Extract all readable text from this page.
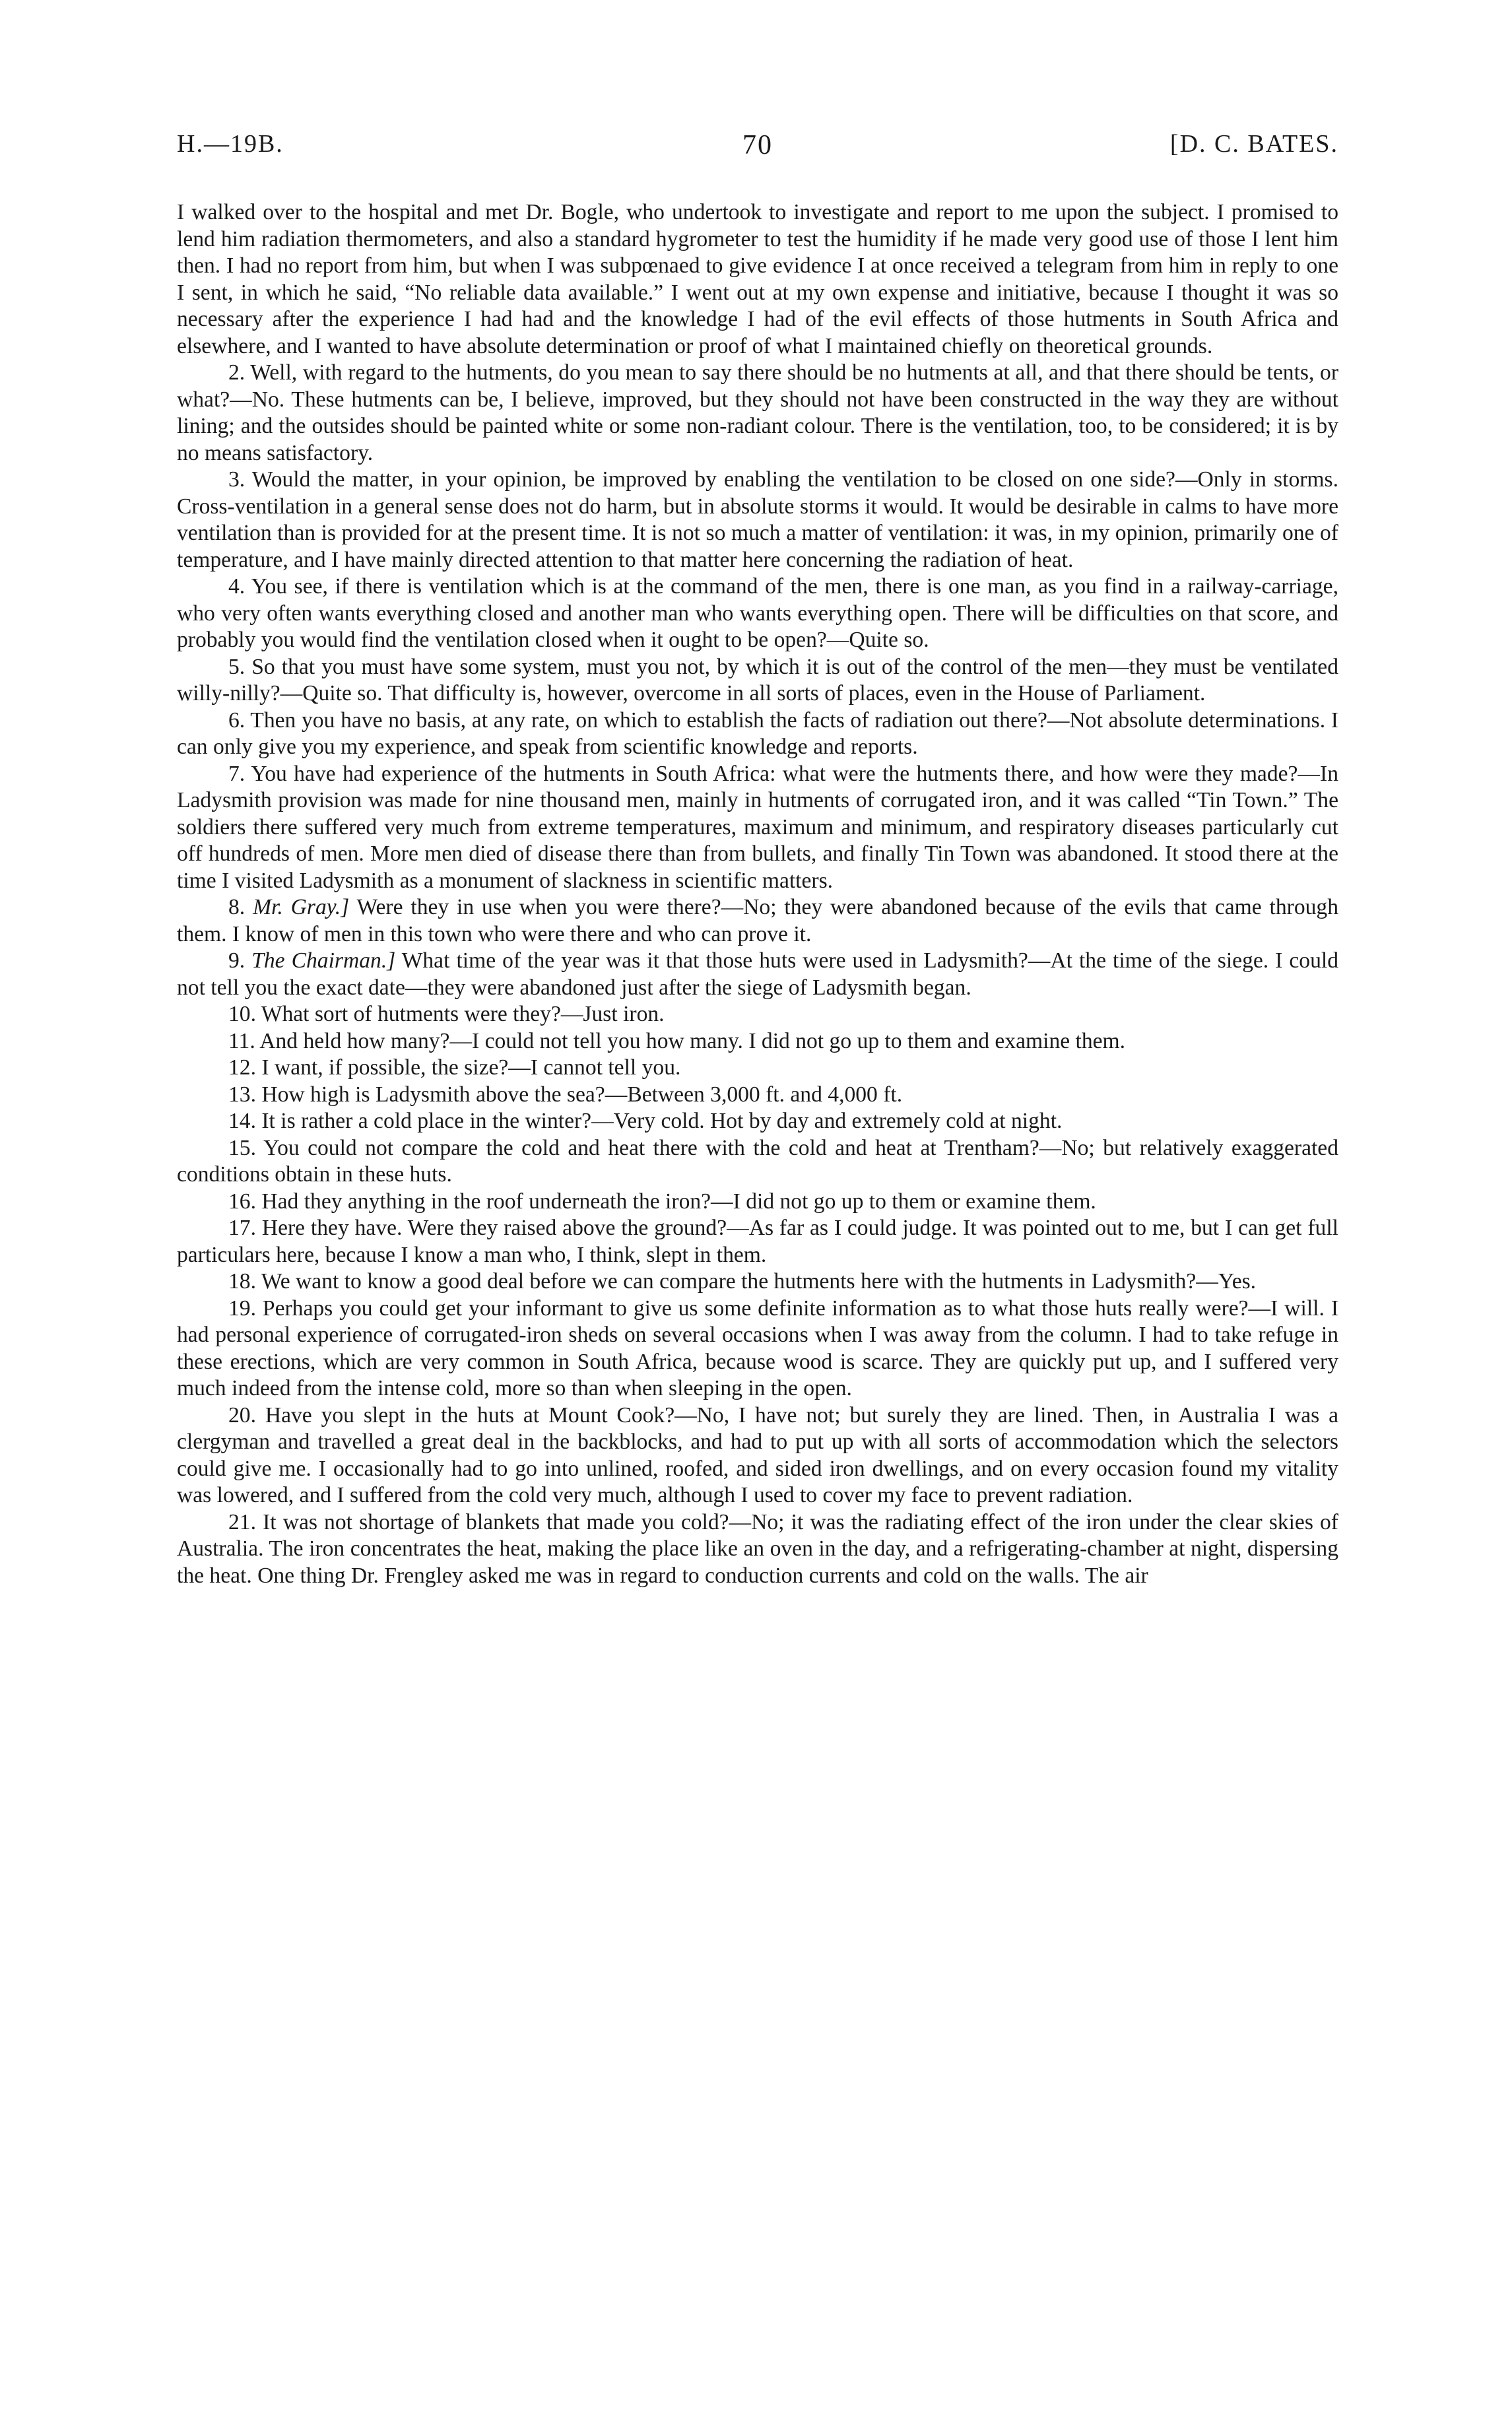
H.—19B.	70	[D. C. BATES.

I walked over to the hospital and met Dr. Bogle, who undertook to investigate and report to me upon the subject. I promised to lend him radiation thermometers, and also a standard hygrometer to test the humidity if he made very good use of those I lent him then. I had no report from him, but when I was subpœnaed to give evidence I at once received a telegram from him in reply to one I sent, in which he said, “No reliable data available.” I went out at my own expense and initiative, because I thought it was so necessary after the experience I had had and the knowledge I had of the evil effects of those hutments in South Africa and elsewhere, and I wanted to have absolute determination or proof of what I maintained chiefly on theoretical grounds.

2. Well, with regard to the hutments, do you mean to say there should be no hutments at all, and that there should be tents, or what?—No. These hutments can be, I believe, improved, but they should not have been constructed in the way they are without lining; and the outsides should be painted white or some non-radiant colour. There is the ventilation, too, to be considered; it is by no means satisfactory.

3. Would the matter, in your opinion, be improved by enabling the ventilation to be closed on one side?—Only in storms. Cross-ventilation in a general sense does not do harm, but in absolute storms it would. It would be desirable in calms to have more ventilation than is provided for at the present time. It is not so much a matter of ventilation: it was, in my opinion, primarily one of temperature, and I have mainly directed attention to that matter here concerning the radiation of heat.

4. You see, if there is ventilation which is at the command of the men, there is one man, as you find in a railway-carriage, who very often wants everything closed and another man who wants everything open. There will be difficulties on that score, and probably you would find the ventilation closed when it ought to be open?—Quite so.

5. So that you must have some system, must you not, by which it is out of the control of the men—they must be ventilated willy-nilly?—Quite so. That difficulty is, however, overcome in all sorts of places, even in the House of Parliament.

6. Then you have no basis, at any rate, on which to establish the facts of radiation out there?—Not absolute determinations. I can only give you my experience, and speak from scientific knowledge and reports.

7. You have had experience of the hutments in South Africa: what were the hutments there, and how were they made?—In Ladysmith provision was made for nine thousand men, mainly in hutments of corrugated iron, and it was called “Tin Town.” The soldiers there suffered very much from extreme temperatures, maximum and minimum, and respiratory diseases particularly cut off hundreds of men. More men died of disease there than from bullets, and finally Tin Town was abandoned. It stood there at the time I visited Ladysmith as a monument of slackness in scientific matters.

8. Mr. Gray.] Were they in use when you were there?—No; they were abandoned because of the evils that came through them. I know of men in this town who were there and who can prove it.

9. The Chairman.] What time of the year was it that those huts were used in Ladysmith?—At the time of the siege. I could not tell you the exact date—they were abandoned just after the siege of Ladysmith began.

10. What sort of hutments were they?—Just iron.

11. And held how many?—I could not tell you how many. I did not go up to them and examine them.

12. I want, if possible, the size?—I cannot tell you.

13. How high is Ladysmith above the sea?—Between 3,000 ft. and 4,000 ft.

14. It is rather a cold place in the winter?—Very cold. Hot by day and extremely cold at night.

15. You could not compare the cold and heat there with the cold and heat at Trentham?—No; but relatively exaggerated conditions obtain in these huts.

16. Had they anything in the roof underneath the iron?—I did not go up to them or examine them.

17. Here they have. Were they raised above the ground?—As far as I could judge. It was pointed out to me, but I can get full particulars here, because I know a man who, I think, slept in them.

18. We want to know a good deal before we can compare the hutments here with the hutments in Ladysmith?—Yes.

19. Perhaps you could get your informant to give us some definite information as to what those huts really were?—I will. I had personal experience of corrugated-iron sheds on several occasions when I was away from the column. I had to take refuge in these erections, which are very common in South Africa, because wood is scarce. They are quickly put up, and I suffered very much indeed from the intense cold, more so than when sleeping in the open.

20. Have you slept in the huts at Mount Cook?—No, I have not; but surely they are lined. Then, in Australia I was a clergyman and travelled a great deal in the backblocks, and had to put up with all sorts of accommodation which the selectors could give me. I occasionally had to go into unlined, roofed, and sided iron dwellings, and on every occasion found my vitality was lowered, and I suffered from the cold very much, although I used to cover my face to prevent radiation.

21. It was not shortage of blankets that made you cold?—No; it was the radiating effect of the iron under the clear skies of Australia. The iron concentrates the heat, making the place like an oven in the day, and a refrigerating-chamber at night, dispersing the heat. One thing Dr. Frengley asked me was in regard to conduction currents and cold on the walls. The air
